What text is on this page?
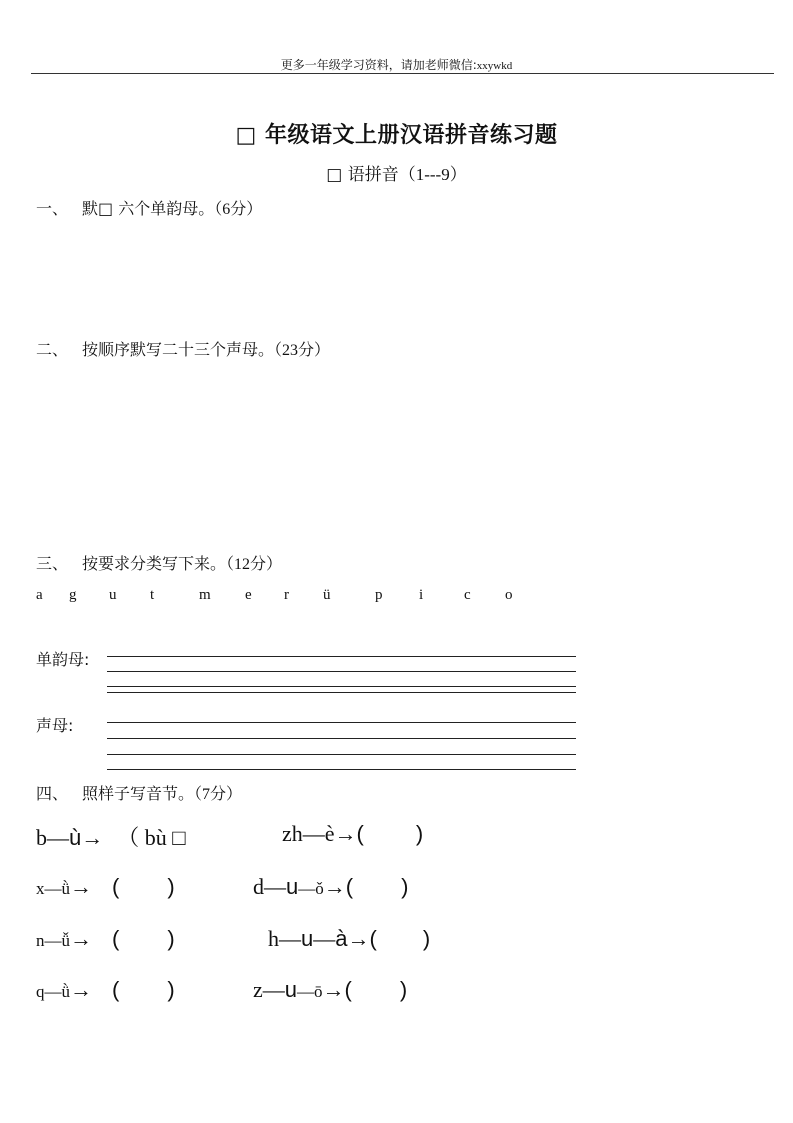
更多一年级学习资料，请加老师微信:xxywkd
□ 年级语文上册汉语拼音练习题
□ 语拼音（1---9）
一、 默□ 六个单韵母。（6分）
二、 按顺序默写二十三个声母。（23分）
三、 按要求分类写下来。（12分）
a g u t	m e r ü	p i	c o
单韵母:
声母:
四、 照样子写音节。（7分）
b—ù→ （ bù □	zh—è→( )
x—ǜ→ ( )	d—u—ǒ→( )
n—ǚ→ ( )	h—u—à→( )
q—ǜ→ ( )	z—u—ō→( )
